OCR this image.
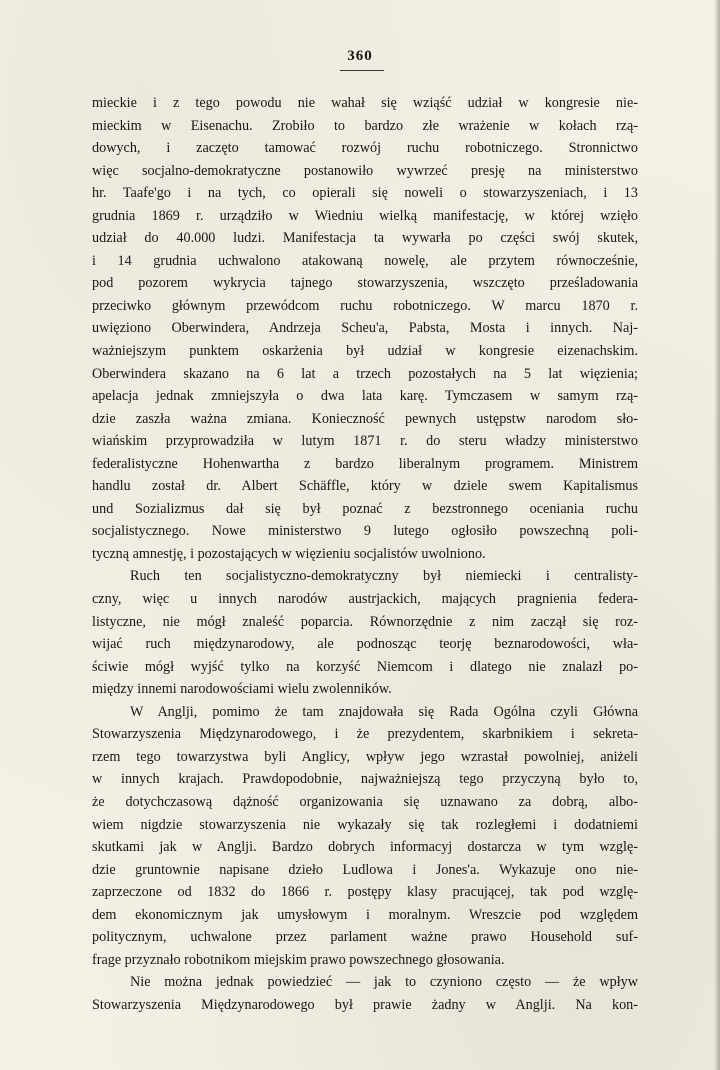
360
mieckie i z tego powodu nie wahał się wziąść udział w kongresie nie-
mieckim w Eisenachu. Zrobiło to bardzo złe wrażenie w kołach rzą-
dowych, i zaczęto tamować rozwój ruchu robotniczego. Stronnictwo
więc socjalno-demokratyczne postanowiło wywrzeć presję na ministerstwo
hr. Taafe'go i na tych, co opierali się noweli o stowarzyszeniach, i 13
grudnia 1869 r. urządziło w Wiedniu wielką manifestację, w której wzięło
udział do 40.000 ludzi. Manifestacja ta wywarła po części swój skutek,
i 14 grudnia uchwalono atakowaną nowelę, ale przytem równocześnie,
pod pozorem wykrycia tajnego stowarzyszenia, wszczęto prześladowania
przeciwko głównym przewódcom ruchu robotniczego. W marcu 1870 r.
uwięziono Oberwindera, Andrzeja Scheu'a, Pabsta, Mosta i innych. Naj-
ważniejszym punktem oskarżenia był udział w kongresie eizenachskim.
Oberwindera skazano na 6 lat a trzech pozostałych na 5 lat więzienia;
apelacja jednak zmniejszyła o dwa lata karę. Tymczasem w samym rzą-
dzie zaszła ważna zmiana. Konieczność pewnych ustępstw narodom sło-
wiańskim przyprowadziła w lutym 1871 r. do steru władzy ministerstwo
federalistyczne Hohenwartha z bardzo liberalnym programem. Ministrem
handlu został dr. Albert Schäffle, który w dziele swem Kapitalismus
und Sozializmus dał się był poznać z bezstronnego oceniania ruchu
socjalistycznego. Nowe ministerstwo 9 lutego ogłosiło powszechną poli-
tyczną amnestję, i pozostających w więzieniu socjalistów uwolniono.
Ruch ten socjalistyczno-demokratyczny był niemiecki i centralisty-
czny, więc u innych narodów austrjackich, mających pragnienia federa-
listyczne, nie mógł znaleść poparcia. Równorzędnie z nim zaczął się roz-
wijać ruch międzynarodowy, ale podnosząc teorję beznarodowości, wła-
ściwie mógł wyjść tylko na korzyść Niemcom i dlatego nie znalazł po-
między innemi narodowościami wielu zwolenników.
W Anglji, pomimo że tam znajdowała się Rada Ogólna czyli Główna
Stowarzyszenia Międzynarodowego, i że prezydentem, skarbnikiem i sekreta-
rzem tego towarzystwa byli Anglicy, wpływ jego wzrastał powolniej, aniżeli
w innych krajach. Prawdopodobnie, najważniejszą tego przyczyną było to,
że dotychczasową dążność organizowania się uznawano za dobrą, albo-
wiem nigdzie stowarzyszenia nie wykazały się tak rozległemi i dodatniemi
skutkami jak w Anglji. Bardzo dobrych informacyj dostarcza w tym wzglę-
dzie gruntownie napisane dzieło Ludlowa i Jones'a. Wykazuje ono nie-
zaprzeczone od 1832 do 1866 r. postępy klasy pracującej, tak pod wzglę-
dem ekonomicznym jak umysłowym i moralnym. Wreszcie pod względem
politycznym, uchwalone przez parlament ważne prawo Household suf-
frage przyznało robotnikom miejskim prawo powszechnego głosowania.
Nie można jednak powiedzieć — jak to czyniono często — że wpływ
Stowarzyszenia Międzynarodowego był prawie żadny w Anglji. Na kon-
